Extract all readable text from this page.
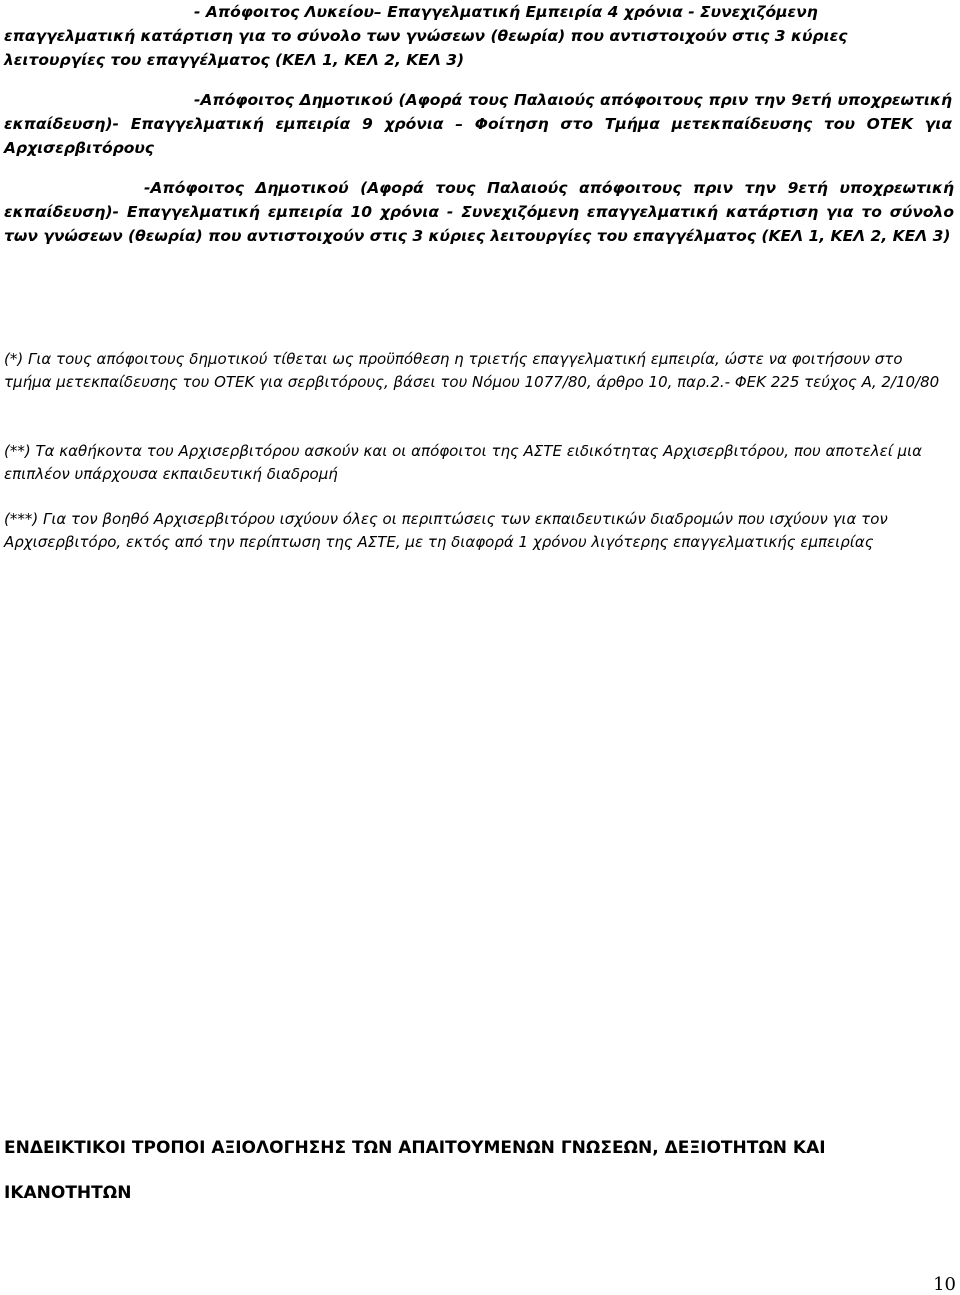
- Απόφοιτος Λυκείου– Επαγγελματική Εμπειρία 4 χρόνια - Συνεχιζόμενη επαγγελματική κατάρτιση για το σύνολο των γνώσεων (θεωρία) που αντιστοιχούν στις 3 κύριες λειτουργίες του επαγγέλματος (ΚΕΛ 1, ΚΕΛ 2, ΚΕΛ 3)

-Απόφοιτος Δημοτικού (Αφορά τους Παλαιούς απόφοιτους πριν την 9ετή υποχρεωτική εκπαίδευση)- Επαγγελματική εμπειρία 9 χρόνια – Φοίτηση στο Τμήμα μετεκπαίδευσης του ΟΤΕΚ για Αρχισερβιτόρους

-Απόφοιτος Δημοτικού (Αφορά τους Παλαιούς απόφοιτους πριν την 9ετή υποχρεωτική εκπαίδευση)- Επαγγελματική εμπειρία 10 χρόνια - Συνεχιζόμενη επαγγελματική κατάρτιση για το σύνολο των γνώσεων (θεωρία) που αντιστοιχούν στις 3 κύριες λειτουργίες του επαγγέλματος (ΚΕΛ 1, ΚΕΛ 2, ΚΕΛ 3)

(*) Για τους απόφοιτους δημοτικού τίθεται ως προϋπόθεση η τριετής επαγγελματική εμπειρία, ώστε να φοιτήσουν στο τμήμα μετεκπαίδευσης του ΟΤΕΚ για σερβιτόρους, βάσει του Νόμου 1077/80, άρθρο 10, παρ.2.- ΦΕΚ 225 τεύχος Α, 2/10/80

(**) Τα καθήκοντα του Αρχισερβιτόρου ασκούν και οι απόφοιτοι της ΑΣΤΕ ειδικότητας Αρχισερβιτόρου, που αποτελεί μια επιπλέον υπάρχουσα εκπαιδευτική διαδρομή

(***) Για τον βοηθό Αρχισερβιτόρου ισχύουν όλες οι περιπτώσεις των εκπαιδευτικών διαδρομών που ισχύουν για τον Αρχισερβιτόρο, εκτός από την περίπτωση της ΑΣΤΕ, με τη διαφορά 1 χρόνου λιγότερης επαγγελματικής εμπειρίας

ΕΝΔΕΙΚΤΙΚΟΙ ΤΡΟΠΟΙ ΑΞΙΟΛΟΓΗΣΗΣ ΤΩΝ ΑΠΑΙΤΟΥΜΕΝΩΝ ΓΝΩΣΕΩΝ, ΔΕΞΙΟΤΗΤΩΝ ΚΑΙ ΙΚΑΝΟΤΗΤΩΝ

10
